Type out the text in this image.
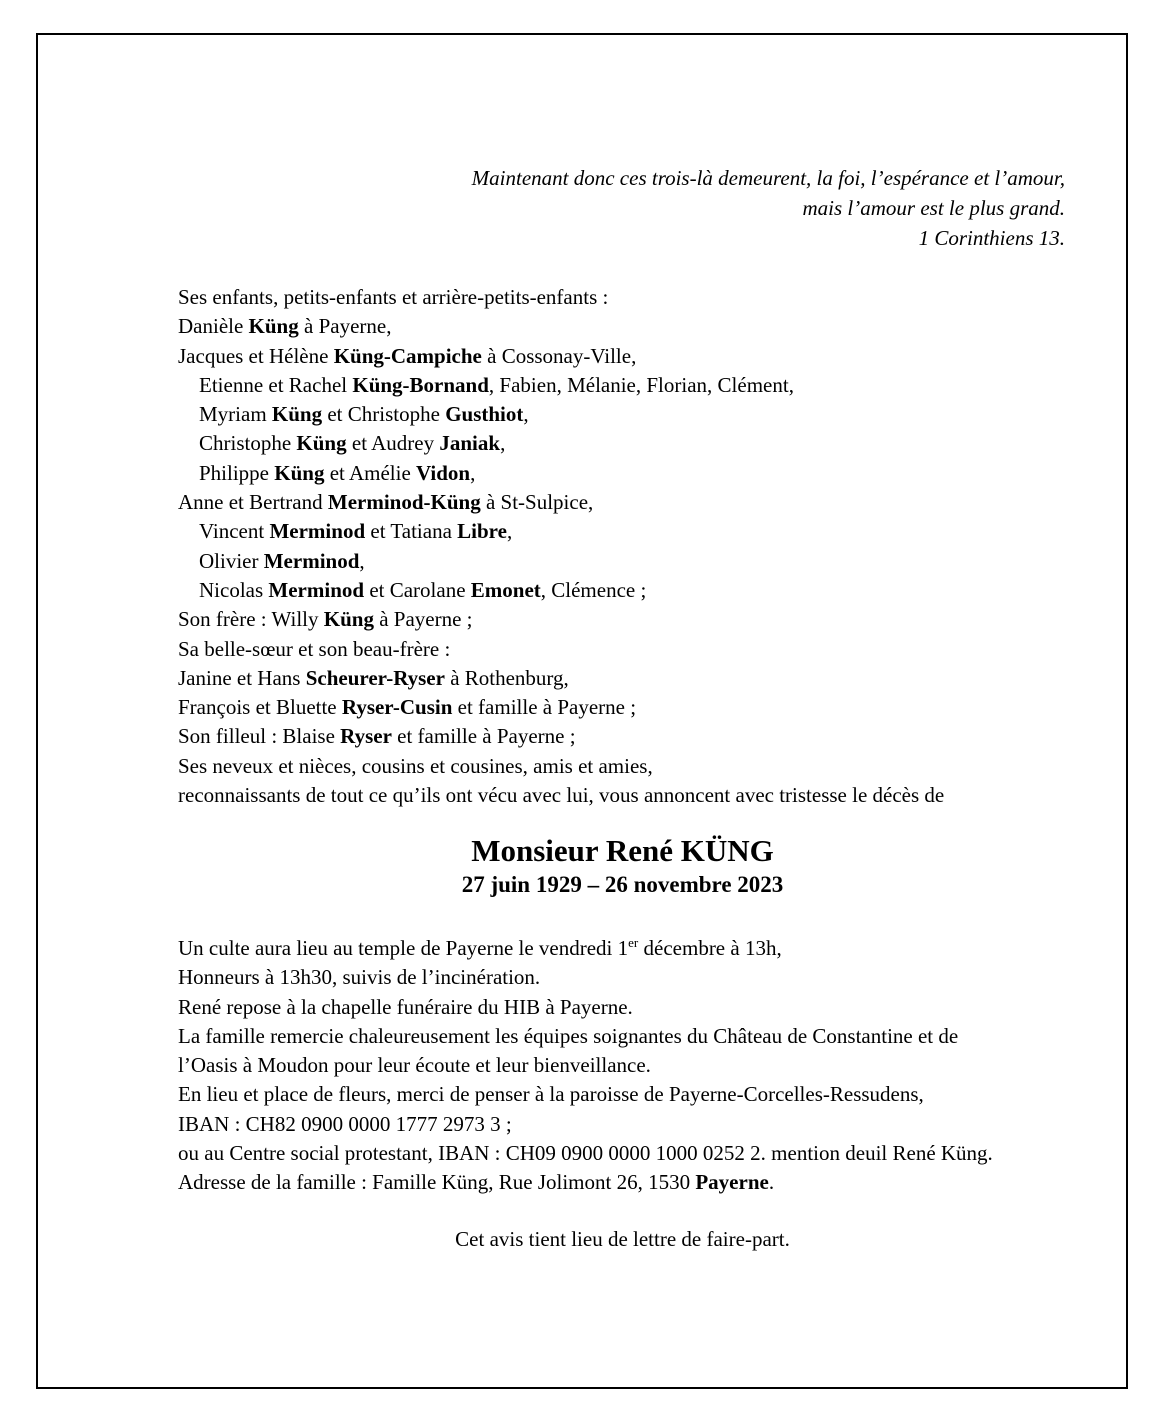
Maintenant donc ces trois-là demeurent, la foi, l’espérance et l’amour,
mais l’amour est le plus grand.
1 Corinthiens 13.
Ses enfants, petits-enfants et arrière-petits-enfants :
Danièle Küng à Payerne,
Jacques et Hélène Küng-Campiche à Cossonay-Ville,
Etienne et Rachel Küng-Bornand, Fabien, Mélanie, Florian, Clément,
Myriam Küng et Christophe Gusthiot,
Christophe Küng et Audrey Janiak,
Philippe Küng et Amélie Vidon,
Anne et Bertrand Merminod-Küng à St-Sulpice,
Vincent Merminod et Tatiana Libre,
Olivier Merminod,
Nicolas Merminod et Carolane Emonet, Clémence ;
Son frère : Willy Küng à Payerne ;
Sa belle-sœur et son beau-frère :
Janine et Hans Scheurer-Ryser à Rothenburg,
François et Bluette Ryser-Cusin et famille à Payerne ;
Son filleul : Blaise Ryser et famille à Payerne ;
Ses neveux et nièces, cousins et cousines, amis et amies,
reconnaissants de tout ce qu’ils ont vécu avec lui, vous annoncent avec tristesse le décès de
Monsieur René KÜNG
27 juin 1929 – 26 novembre 2023
Un culte aura lieu au temple de Payerne le vendredi 1er décembre à 13h,
Honneurs à 13h30, suivis de l’incinération.
René repose à la chapelle funéraire du HIB à Payerne.
La famille remercie chaleureusement les équipes soignantes du Château de Constantine et de
l’Oasis à Moudon pour leur écoute et leur bienveillance.
En lieu et place de fleurs, merci de penser à la paroisse de Payerne-Corcelles-Ressudens,
IBAN : CH82 0900 0000 1777 2973 3 ;
ou au Centre social protestant, IBAN : CH09 0900 0000 1000 0252 2. mention deuil René Küng.
Adresse de la famille : Famille Küng, Rue Jolimont 26, 1530 Payerne.
Cet avis tient lieu de lettre de faire-part.
